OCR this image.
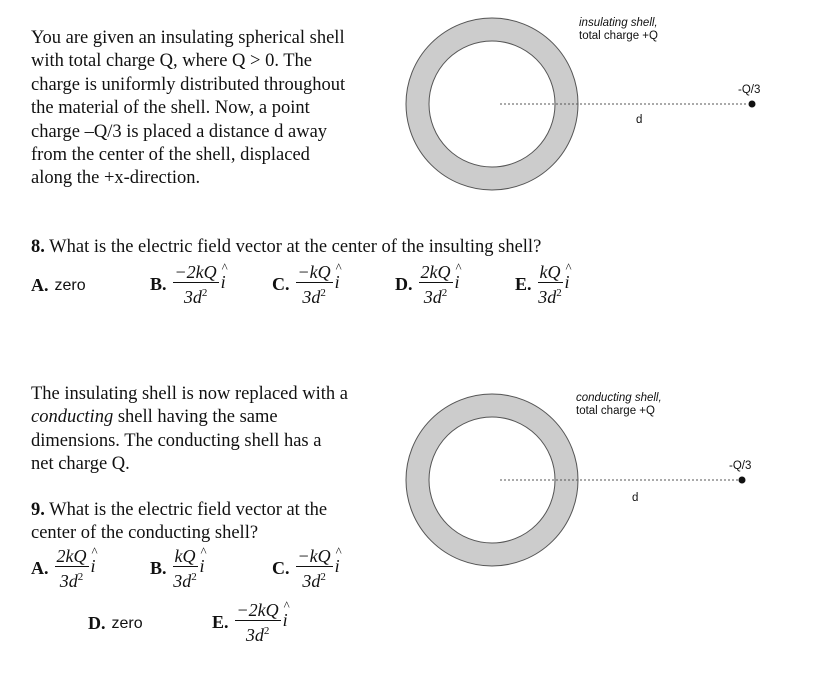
You are given an insulating spherical shell
with total charge Q, where Q > 0. The
charge is uniformly distributed throughout
the material of the shell. Now, a point
charge –Q/3 is placed a distance d away
from the center of the shell, displaced
along the +x-direction.
insulating shell,
total charge +Q
-Q/3
d
8. What is the electric field vector at the center of the insulting shell?
A. zero	B. $\frac{-2kQ}{3d^2}$ ^
i	C. $\frac{-kQ}{3d^2}$ ^
i	D. $\frac{2kQ}{3d^2}$ ^
i	E. $\frac{kQ}{3d^2}$ ^
i
The insulating shell is now replaced with a
conducting shell having the same
dimensions. The conducting shell has a
net charge Q.
conducting shell,
total charge +Q
-Q/3
d
9. What is the electric field vector at the
center of the conducting shell?
A. $\frac{2kQ}{3d^2}$ ^
i	B. $\frac{kQ}{3d^2}$ ^
i	C. $\frac{-kQ}{3d^2}$ ^
i
D. zero	E. $\frac{-2kQ}{3d^2}$ ^
i
